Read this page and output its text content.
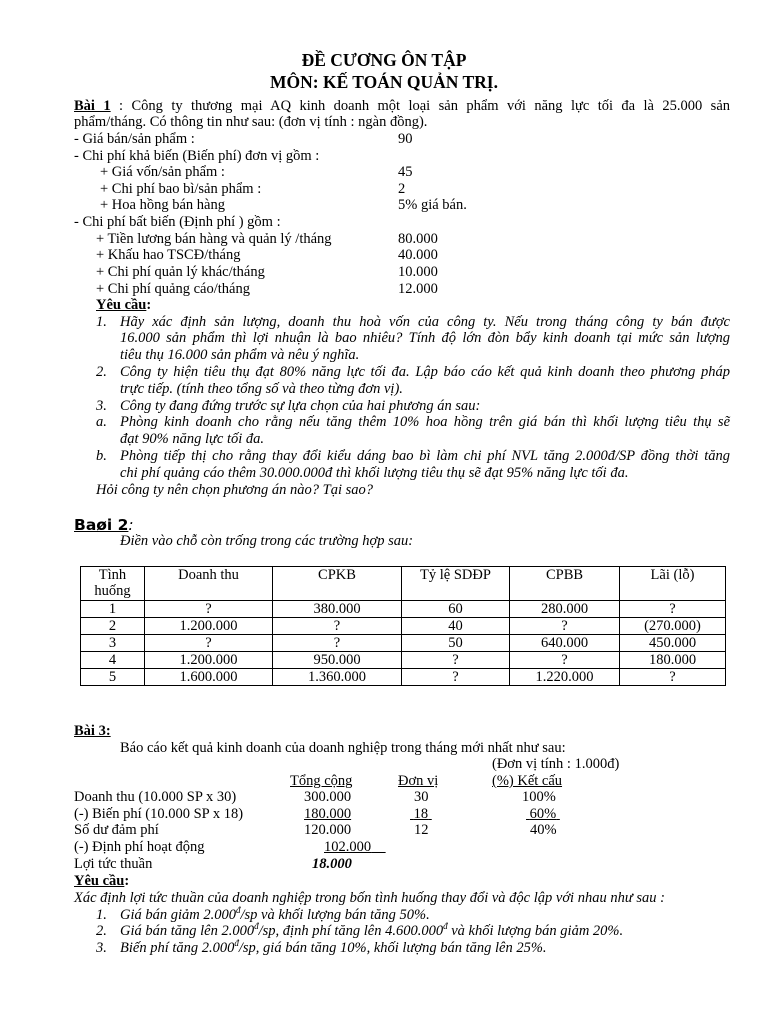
ĐỀ CƯƠNG ÔN TẬP
MÔN: KẾ TOÁN QUẢN TRỊ.
Bài 1 : Công ty thương mại AQ kinh doanh một loại sản phẩm với năng lực tối đa là 25.000 sản
phẩm/tháng. Có thông tin như sau: (đơn vị tính : ngàn đồng).
- Giá bán/sản phẩm :	90
- Chi phí khả biến (Biến phí) đơn vị gồm :
+ Giá vốn/sản phẩm :	45
+ Chi phí bao bì/sản phẩm :	2
+ Hoa hồng bán hàng	5% giá bán.
- Chi phí bất biến (Định phí ) gồm :
+ Tiền lương bán hàng và quản lý /tháng	80.000
+ Khấu hao TSCĐ/tháng	40.000
+ Chi phí quản lý khác/tháng	10.000
+ Chi phí quảng cáo/tháng	12.000
Yêu cầu:
1. Hãy xác định sản lượng, doanh thu hoà vốn của công ty. Nếu trong tháng công ty bán được
16.000 sản phẩm thì lợi nhuận là bao nhiêu? Tính độ lớn đòn bẩy kinh doanh tại mức sản lượng
tiêu thụ 16.000 sản phẩm và nêu ý nghĩa.
2. Công ty hiện tiêu thụ đạt 80% năng lực tối đa. Lập báo cáo kết quả kinh doanh theo phương pháp
trực tiếp. (tính theo tổng số và theo từng đơn vị).
3. Công ty đang đứng trước sự lựa chọn của hai phương án sau:
a. Phòng kinh doanh cho rằng nếu tăng thêm 10% hoa hồng trên giá bán thì khối lượng tiêu thụ sẽ
đạt 90% năng lực tối đa.
b. Phòng tiếp thị cho rằng thay đổi kiểu dáng bao bì làm chi phí NVL tăng 2.000đ/SP đồng thời tăng
chi phí quảng cáo thêm 30.000.000đ thì khối lượng tiêu thụ sẽ đạt 95% năng lực tối đa.
Hỏi công ty nên chọn phương án nào? Tại sao?
Baøi 2:
Điền vào chỗ còn trống trong các trường hợp sau:
Tình huống	Doanh thu	CPKB	Tỷ lệ SDĐP	CPBB	Lãi (lỗ)
1	?	380.000	60	280.000	?
2	1.200.000	?	40	?	(270.000)
3	?	?	50	640.000	450.000
4	1.200.000	950.000	?	?	180.000
5	1.600.000	1.360.000	?	1.220.000	?
Bài 3:
Báo cáo kết quả kinh doanh của doanh nghiệp trong tháng mới nhất như sau:
(Đơn vị tính : 1.000đ)
Tổng cộng	Đơn vị	(%) Kết cấu
Doanh thu (10.000 SP x 30)	300.000	30	100%
(-) Biến phí (10.000 SP x 18)	180.000	18	60%
Số dư đảm phí	120.000	12	40%
(-) Định phí hoạt động	102.000
Lợi tức thuần	18.000
Yêu cầu:
Xác định lợi tức thuần của doanh nghiệp trong bốn tình huống thay đổi và độc lập với nhau như sau :
1. Giá bán giảm $2.000^đ/sp$ và khối lượng bán tăng 50%.
2. Giá bán tăng lên $2.000^đ/sp$, định phí tăng lên $4.600.000^đ$ và khối lượng bán giảm 20%.
3. Biến phí tăng $2.000^đ/sp$, giá bán tăng 10%, khối lượng bán tăng lên 25%.
